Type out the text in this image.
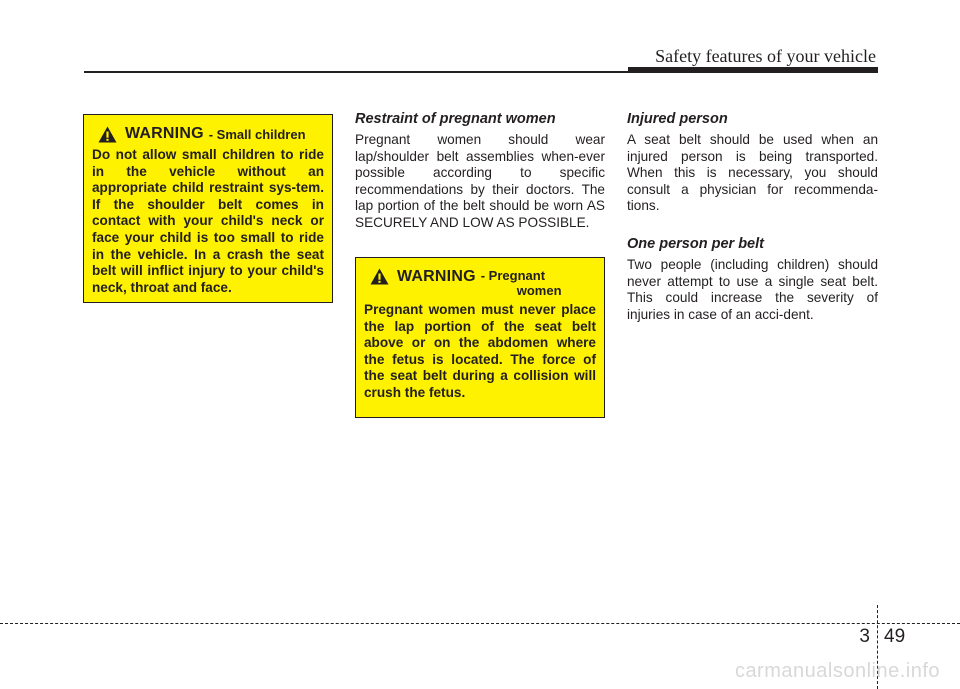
Safety features of your vehicle
WARNING - Small children

Do not allow small children to ride in the vehicle without an appropriate child restraint sys-tem. If the shoulder belt comes in contact with your child's neck or face your child is too small to ride in the vehicle. In a crash the seat belt will inflict injury to your child's neck, throat and face.

Restraint of pregnant women

Pregnant women should wear lap/shoulder belt assemblies when-ever possible according to specific recommendations by their doctors. The lap portion of the belt should be worn AS SECURELY AND LOW AS POSSIBLE.

WARNING - Pregnant
women

Pregnant women must never place the lap portion of the seat belt above or on the abdomen where the fetus is located. The force of the seat belt during a collision will crush the fetus.

Injured person

A seat belt should be used when an injured person is being transported. When this is necessary, you should consult a physician for recommenda-tions.

One person per belt

Two people (including children) should never attempt to use a single seat belt. This could increase the severity of injuries in case of an acci-dent.

3 49
carmanualsonline.info
